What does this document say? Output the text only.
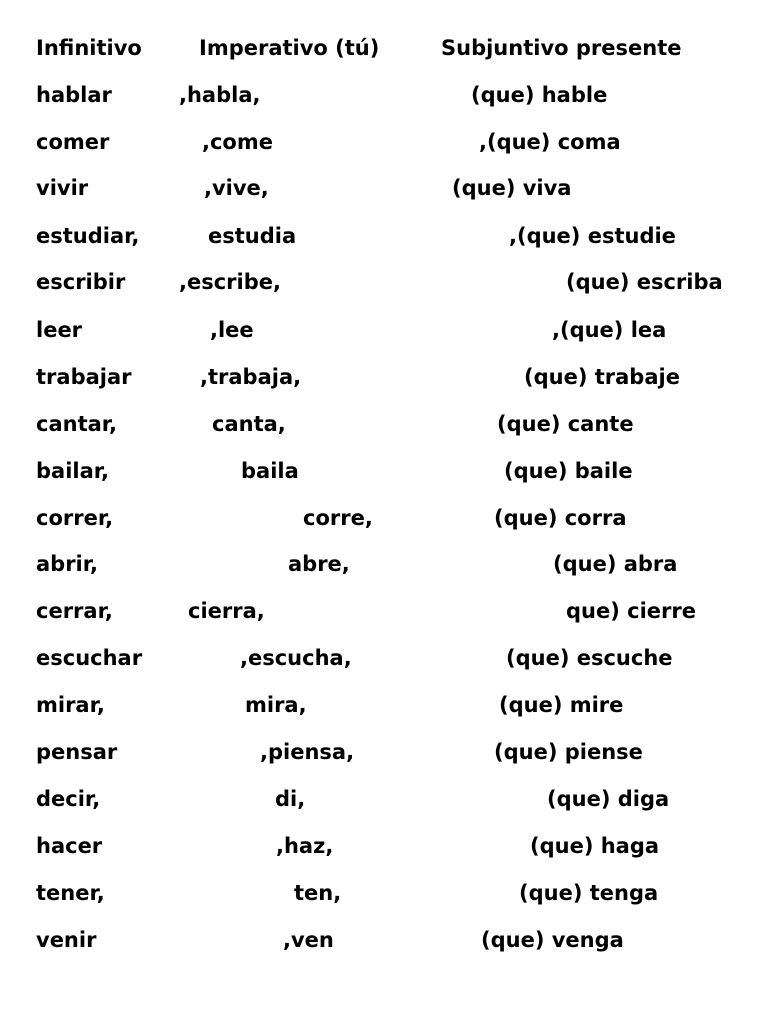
Infinitivo	Imperativo (tú)	Subjuntivo presente
hablar	,habla,	(que) hable
comer	,come	,(que) coma
vivir	,vive,	(que) viva
estudiar,	estudia	,(que) estudie
escribir	,escribe,	(que) escriba
leer	,lee	,(que) lea
trabajar	,trabaja,	(que) trabaje
cantar,	canta,	(que) cante
bailar,	baila	(que) baile
correr,	corre,	(que) corra
abrir,	abre,	(que) abra
cerrar,	cierra,	que) cierre
escuchar	,escucha,	(que) escuche
mirar,	mira,	(que) mire
pensar	,piensa,	(que) piense
decir,	di,	(que) diga
hacer	,haz,	(que) haga
tener,	ten,	(que) tenga
venir	,ven	(que) venga
